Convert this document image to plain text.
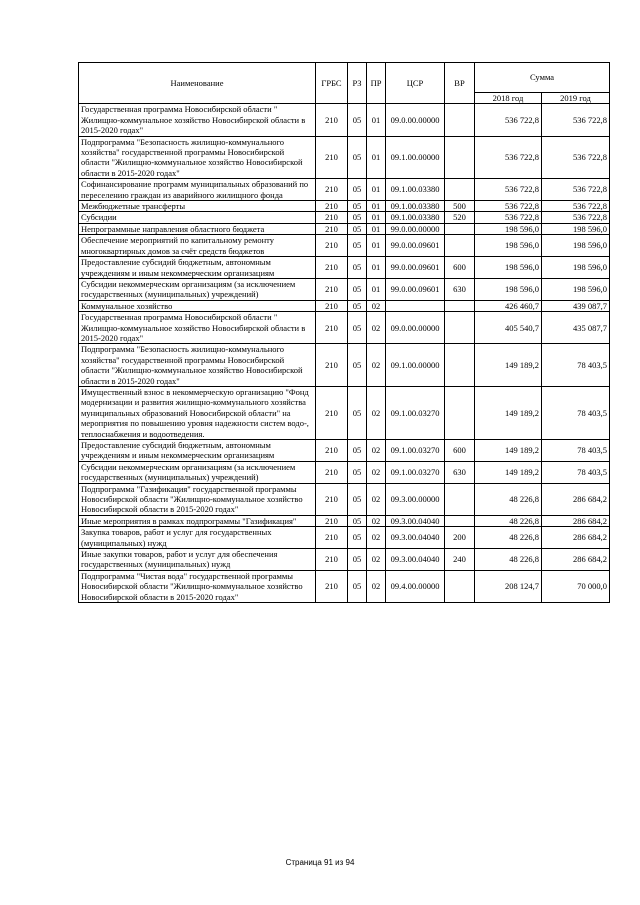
Наименование	ГРБС	РЗ	ПР	ЦСР	ВР	Сумма	
						2018 год	2019 год
Государственная программа Новосибирской области " Жилищно-коммунальное хозяйство Новосибирской области в 2015-2020 годах"	210	05	01	09.0.00.00000		536 722,8	536 722,8
Подпрограмма "Безопасность жилищно-коммунального хозяйства" государственной программы Новосибирской области "Жилищно-коммунальное хозяйство Новосибирской области в 2015-2020 годах"	210	05	01	09.1.00.00000		536 722,8	536 722,8
Софинансирование программ муниципальных образований по переселению граждан из аварийного жилищного фонда	210	05	01	09.1.00.03380		536 722,8	536 722,8
Межбюджетные трансферты	210	05	01	09.1.00.03380	500	536 722,8	536 722,8
Субсидии	210	05	01	09.1.00.03380	520	536 722,8	536 722,8
Непрограммные направления областного бюджета	210	05	01	99.0.00.00000		198 596,0	198 596,0
Обеспечение мероприятий по капитальному ремонту многоквартирных домов за счёт средств бюджетов	210	05	01	99.0.00.09601		198 596,0	198 596,0
Предоставление субсидий бюджетным, автономным учреждениям и иным некоммерческим организациям	210	05	01	99.0.00.09601	600	198 596,0	198 596,0
Субсидии некоммерческим организациям (за исключением государственных (муниципальных) учреждений)	210	05	01	99.0.00.09601	630	198 596,0	198 596,0
Коммунальное хозяйство	210	05	02			426 460,7	439 087,7
Государственная программа Новосибирской области " Жилищно-коммунальное хозяйство Новосибирской области в 2015-2020 годах"	210	05	02	09.0.00.00000		405 540,7	435 087,7
Подпрограмма "Безопасность жилищно-коммунального хозяйства" государственной программы Новосибирской области "Жилищно-коммунальное хозяйство Новосибирской области в 2015-2020 годах"	210	05	02	09.1.00.00000		149 189,2	78 403,5
Имущественный взнос в некоммерческую организацию "Фонд модернизации и развития жилищно-коммунального хозяйства муниципальных образований Новосибирской области" на мероприятия по повышению уровня надежности систем водо-, теплоснабжения и водоотведения.	210	05	02	09.1.00.03270		149 189,2	78 403,5
Предоставление субсидий бюджетным, автономным учреждениям и иным некоммерческим организациям	210	05	02	09.1.00.03270	600	149 189,2	78 403,5
Субсидии некоммерческим организациям (за исключением государственных (муниципальных) учреждений)	210	05	02	09.1.00.03270	630	149 189,2	78 403,5
Подпрограмма "Газификация" государственной программы Новосибирской области "Жилищно-коммунальное хозяйство Новосибирской области в 2015-2020 годах"	210	05	02	09.3.00.00000		48 226,8	286 684,2
Иные мероприятия в рамках подпрограммы "Газификация"	210	05	02	09.3.00.04040		48 226,8	286 684,2
Закупка товаров, работ и услуг для государственных (муниципальных) нужд	210	05	02	09.3.00.04040	200	48 226,8	286 684,2
Иные закупки товаров, работ и услуг для обеспечения государственных (муниципальных) нужд	210	05	02	09.3.00.04040	240	48 226,8	286 684,2
Подпрограмма "Чистая вода" государственной программы Новосибирской области "Жилищно-коммунальное хозяйство Новосибирской области в 2015-2020 годах"	210	05	02	09.4.00.00000		208 124,7	70 000,0
Страница 91 из 94
